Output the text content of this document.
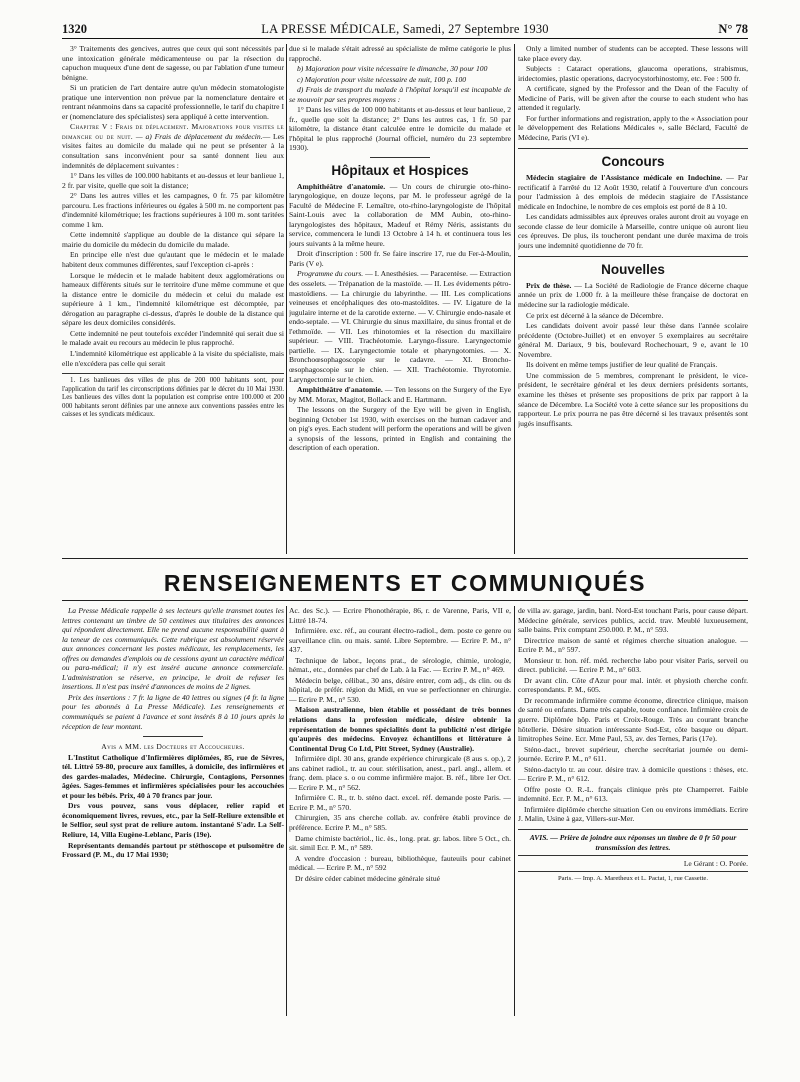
1320	LA PRESSE MÉDICALE, Samedi, 27 Septembre 1930	N° 78

3° Traitements des gencives, autres que ceux qui sont nécessités par une intoxication générale médicamenteuse ou par la résection du capuchon muqueux d'une dent de sagesse, ou par l'ablation d'une tumeur bénigne.

Si un praticien de l'art dentaire autre qu'un médecin stomatologiste pratique une intervention non prévue par la nomenclature dentaire et rentrant néanmoins dans sa capacité professionnelle, le tarif du chapitre I er (nomenclature des spécialistes) sera appliqué à cette intervention.

Chapitre V : Frais de déplacement. Majorations pour visites le dimanche ou de nuit. — a) Frais de déplacement du médecin.— Les visites faites au domicile du malade qui ne peut se présenter à la consultation sans inconvénient pour sa santé donnent lieu aux indemnités de déplacement suivantes :

1° Dans les villes de 100.000 habitants et au-dessus et leur banlieue 1, 2 fr. par visite, quelle que soit la distance;

2° Dans les autres villes et les campagnes, 0 fr. 75 par kilomètre parcouru. Les fractions inférieures ou égales à 500 m. ne comportent pas d'indemnité kilométrique; les fractions supérieures à 100 m. sont taritées comme 1 km.

Cette indemnité s'applique au double de la distance qui sépare la mairie du domicile du médecin du domicile du malade.

En principe elle n'est due qu'autant que le médecin et le malade habitent deux communes différentes, sauf l'exception ci-après :

Lorsque le médecin et le malade habitent deux agglomérations ou hameaux différents situés sur le territoire d'une même commune et que la distance entre le domicile du médecin et celui du malade est supérieure à 1 km., l'indemnité kilométrique est décomptée, par dérogation au paragraphe ci-dessus, d'après le double de la distance qui sépare les deux domiciles considérés.

Cette indemnité ne peut toutefois excéder l'indemnité qui serait due si le malade avait eu recours au médecin le plus rapproché.

L'indemnité kilométrique est applicable à la visite du spécialiste, mais elle n'excédera pas celle qui serait

1. Les banlieues des villes de plus de 200 000 habitants sont, pour l'application du tarif les circonscriptions définies par le décret du 10 Mai 1930. Les banlieues des villes dont la population est comprise entre 100.000 et 200 000 habitants seront définies par une annexe aux conventions passées entre les caisses et les syndicats médicaux.

due si le malade s'était adressé au spécialiste de même catégorie le plus rapproché.

b) Majoration pour visite nécessaire le dimanche, 30 pour 100

c) Majoration pour visite nécessaire de nuit, 100 p. 100

d) Frais de transport du malade à l'hôpital lorsqu'il est incapable de se mouvoir par ses propres moyens :

1° Dans les villes de 100 000 habitants et au-dessus et leur banlieue, 2 fr., quelle que soit la distance; 2° Dans les autres cas, 1 fr. 50 par kilomètre, la distance étant calculée entre le domicile du malade et l'hôpital le plus rapproché (Journal officiel, numéro du 23 septembre 1930).

Hôpitaux et Hospices

Amphithéâtre d'anatomie. — Un cours de chirurgie oto-rhino-laryngologique, en douze leçons, par M. le professeur agrégé de la Faculté de Médecine F. Lemaître, oto-rhino-laryngologiste de l'hôpital Saint-Louis avec la collaboration de MM Aubin, oto-rhino-laryngologistes des hôpitaux, Madeuf et Rémy Néris, assistants du service, commencera le lundi 13 Octobre à 14 h. et continuera tous les jours suivants à la même heure.

Droit d'inscription : 500 fr. Se faire inscrire 17, rue du Fer-à-Moulin, Paris (V e).

Programme du cours. — I. Anesthésies. — Paracentèse. — Extraction des osselets. — Trépanation de la mastoïde. — II. Les évidements pétro-mastoïdiens. — La chirurgie du labyrinthe. — III. Les complications veineuses et encéphaliques des oto-mastoïdites. — IV. Ligature de la jugulaire interne et de la carotide externe. — V. Chirurgie endo-nasale et endo-septale. — VI. Chirurgie du sinus maxillaire, du sinus frontal et de l'ethmoïde. — VII. Les rhinotomies et la résection du maxillaire supérieur. — VIII. Trachéotomie. Laryngo-fissure. Laryngectomie partielle. — IX. Laryngectomie totale et pharyngotomies. — X. Bronchoœsophagoscopie sur le cadavre. — XI. Broncho-œsophagoscopie sur le chien. — XII. Trachéotomie. Thyrotomie. Laryngectomie sur le chien.

Amphithéâtre d'anatomie. — Ten lessons on the Surgery of the Eye by MM. Morax, Magitot, Bollack and E. Hartmann.

The lessons on the Surgery of the Eye will be given in English, beginning October 1st 1930, with exercises on the human cadaver and on pig's eyes. Each student will perform the operations and will be given a synopsis of the lessons, printed in English and containing the description of each operation.

Only a limited number of students can be accepted. These lessons will take place every day.

Subjects : Cataract operations, glaucoma operations, strabismus, iridectomies, plastic operations, dacryocystorhinostomy, etc. Fee : 500 fr.

A certificate, signed by the Professor and the Dean of the Faculty of Medicine of Paris, will be given after the course to each student who has attended it regularly.

For further informations and registration, apply to the « Association pour le développement des Relations Médicales », salle Béclard, Faculté de Médecine, Paris (VI e).

Concours

Médecin stagiaire de l'Assistance médicale en Indochine. — Par rectificatif à l'arrêté du 12 Août 1930, relatif à l'ouverture d'un concours pour l'admission à des emplois de médecin stagiaire de l'Assistance médicale en Indochine, le nombre de ces emplois est porté de 8 à 10.

Les candidats admissibles aux épreuves orales auront droit au voyage en seconde classe de leur domicile à Marseille, contre unique où auront lieu ces épreuves. De plus, ils toucheront pendant une durée maxima de trois jours une indemnité quotidienne de 70 fr.

Nouvelles

Prix de thèse. — La Société de Radiologie de France décerne chaque année un prix de 1.000 fr. à la meilleure thèse française de doctorat en médecine sur la radiologie médicale.

Ce prix est décerné à la séance de Décembre.

Les candidats doivent avoir passé leur thèse dans l'année scolaire précédente (Octobre-Juillet) et en envoyer 5 exemplaires au secrétaire général M. Dariaux, 9 bis, boulevard Rochechouart, 9 e, avant le 10 Novembre.

Ils doivent en même temps justifier de leur qualité de Français.

Une commission de 5 membres, comprenant le président, le vice-président, le secrétaire général et les deux derniers présidents sortants, examine les thèses et présente ses propositions de prix par rapport à la séance de Décembre. La Société vote à cette séance sur les propositions du rapporteur. Le prix pourra ne pas être décerné si les travaux présentés sont jugés insuffisants.

RENSEIGNEMENTS ET COMMUNIQUÉS

La Presse Médicale rappelle à ses lecteurs qu'elle transmet toutes les lettres contenant un timbre de 50 centimes aux titulaires des annonces qui répondent directement. Elle ne prend aucune responsabilité quant à la teneur de ces communiqués. Cette rubrique est absolument réservée aux annonces concernant les postes médicaux, les remplacements, les offres ou demandes d'emplois ou de cessions ayant un caractère médical ou para-médical; il n'y est inséré aucune annonce commerciale. L'administration se réserve, en principe, le droit de refuser les insertions. Il n'est pas inséré d'annonces de moins de 2 lignes.

Prix des insertions : 7 fr. la ligne de 40 lettres ou signes (4 fr. la ligne pour les abonnés à La Presse Médicale). Les renseignements et communiqués se paient à l'avance et sont insérés 8 à 10 jours après la réception de leur montant.

Avis a MM. les Docteurs et Accoucheurs.

L'Institut Catholique d'Infirmières diplômées, 85, rue de Sèvres, tél. Littré 59-80, procure aux familles, à domicile, des infirmières et des gardes-malades, Médecine. Chirurgie, Contagions, Personnes âgées. Sages-femmes et infirmières spécialisées pour les accouchées et pour les bébés. Prix, 40 à 70 francs par jour.

Drs vous pouvez, sans vous déplacer, relier rapid et économiquement livres, revues, etc., par la Self-Reliure extensible et le Selfior, seul syst prat de reliure autom. instantané S'adr. La Self-Reliure, 14, Villa Eugène-Leblanc, Paris (19e).

Représentants demandés partout pr stéthoscope et pulsomètre de Frossard (P. M., du 17 Mai 1930;

Ac. des Sc.). — Ecrire Phonothérapie, 86, r. de Varenne, Paris, VII e, Littré 18-74.

Infirmière. exc. réf., au courant électro-radiol., dem. poste ce genre ou surveillance clin. ou mais. santé. Libre Septembre. — Ecrire P. M., n° 437.

Technique de labor., leçons prat., de sérologie, chimie, urologie, hémat., etc., données par chef de Lab. à la Fac. — Ecrire P. M., n° 469.

Médecin belge, célibat., 30 ans, désire entrer, com adj., ds clin. ou ds hôpital, de préfér. région du Midi, en vue se perfectionner en chirurgie. — Ecrire P. M., n° 530.

Maison australienne, bien établie et possédant de très bonnes relations dans la profession médicale, désire obtenir la représentation de bonnes spécialités dont la publicité n'est dirigée qu'auprès des médecins. Envoyez échantillons et littérature à Continental Drug Co Ltd, Pitt Street, Sydney (Australie).

Infirmière dipl. 30 ans, grande expérience chirurgicale (8 aus s. op.), 2 ans cabinet radiol., tr. au cour. stérilisation, anest., parl. angl., allem. et franç. dem. place s. o ou comme infirmière major. B. réf., libre 1er Oct. — Ecrire P. M., n° 562.

Infirmière C. R., tr. b. sténo dact. excel. réf. demande poste Paris. — Ecrire P. M., n° 570.

Chirurgien, 35 ans cherche collab. av. confrère établi province de préférence. Ecrire P. M., n° 585.

Dame chimiste bactériol., lic. ès., long. prat. gr. labos. libre 5 Oct., ch. sit. simil Ecr. P. M., n° 589.

A vendre d'occasion : bureau, bibliothèque, fauteuils pour cabinet médical. — Ecrire P. M., n° 592

Dr désire céder cabinet médecine générale situé

de villa av. garage, jardin, banl. Nord-Est touchant Paris, pour cause départ. Médecine générale, services publics, accid. trav. Meublé luxueusement, salle bains. Prix comptant 250.000. P. M., n° 593.

Directrice maison de santé et régimes cherche situation analogue. — Ecrire P. M., n° 597.

Monsieur tr. hon. réf. méd. recherche labo pour visiter Paris, serveil ou direct. publicité. — Ecrire P. M., n° 603.

Dr avant clin. Côte d'Azur pour mal. intér. et physioth cherche confr. correspondants. P. M., 605.

Dr recommande infirmière comme économe, directrice clinique, maison de santé ou enfants. Dame très capable, toute confiance. Infirmière croix de guerre. Diplômée hôp. Paris et Croix-Rouge. Très au courant branche hôtellerie. Désire situation intéressante Sud-Est, côte basque ou départ. limitrophes Seine. Ecr. Mme Paul, 53, av. des Ternes, Paris (17e).

Sténo-dact., brevet supérieur, cherche secrétariat journée ou demi-journée. Ecrire P. M., n° 611.

Sténo-dactylo tr. au cour. désire trav. à domicile questions : thèses, etc. — Ecrire P. M., n° 612.

Offre poste O. R.-L. français clinique près pte Champerret. Faible indemnité. Ecr. P. M., n° 613.

Infirmière diplômée cherche situation Cen ou environs immédiats. Ecrire J. Malin, Usine à gaz, Villers-sur-Mer.

AVIS. — Prière de joindre aux réponses un timbre de 0 fr 50 pour transmission des lettres.

Le Gérant : O. Porée.

Paris. — Imp. A. Maretheux et L. Pactat, 1, rue Cassette.
